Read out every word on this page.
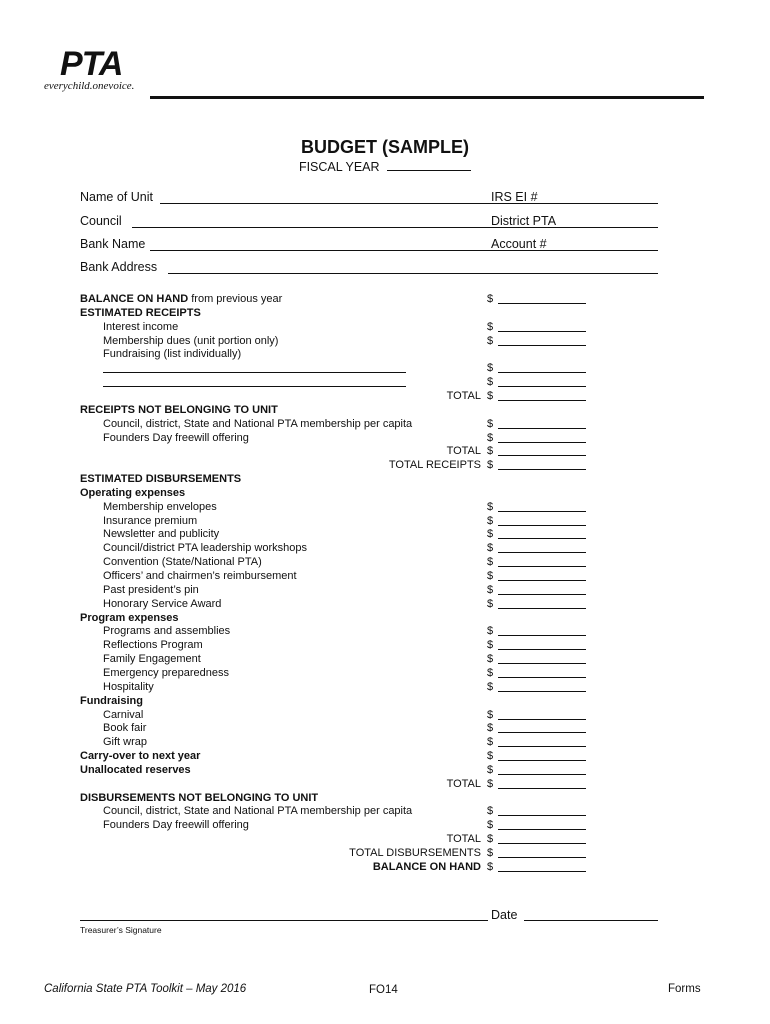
PTA
everychild.onevoice.
BUDGET (SAMPLE)
FISCAL YEAR
Name of Unit	IRS EI #
Council	District PTA
Bank Name	Account #
Bank Address
BALANCE ON HAND from previous year	$
ESTIMATED RECEIPTS
Interest income	$
Membership dues (unit portion only)	$
Fundraising (list individually)
$
$
TOTAL $
RECEIPTS NOT BELONGING TO UNIT
Council, district, State and National PTA membership per capita	$
Founders Day freewill offering	$
TOTAL $
TOTAL RECEIPTS $
ESTIMATED DISBURSEMENTS
Operating expenses
Membership envelopes	$
Insurance premium	$
Newsletter and publicity	$
Council/district PTA leadership workshops	$
Convention (State/National PTA)	$
Officers’ and chairmen’s reimbursement	$
Past president’s pin	$
Honorary Service Award	$
Program expenses
Programs and assemblies	$
Reflections Program	$
Family Engagement	$
Emergency preparedness	$
Hospitality	$
Fundraising
Carnival	$
Book fair	$
Gift wrap	$
Carry-over to next year	$
Unallocated reserves	$
TOTAL $
DISBURSEMENTS NOT BELONGING TO UNIT
Council, district, State and National PTA membership per capita	$
Founders Day freewill offering	$
TOTAL $
TOTAL DISBURSEMENTS $
BALANCE ON HAND $
Date
Treasurer’s Signature
California State PTA Toolkit – May 2016	FO14	Forms
